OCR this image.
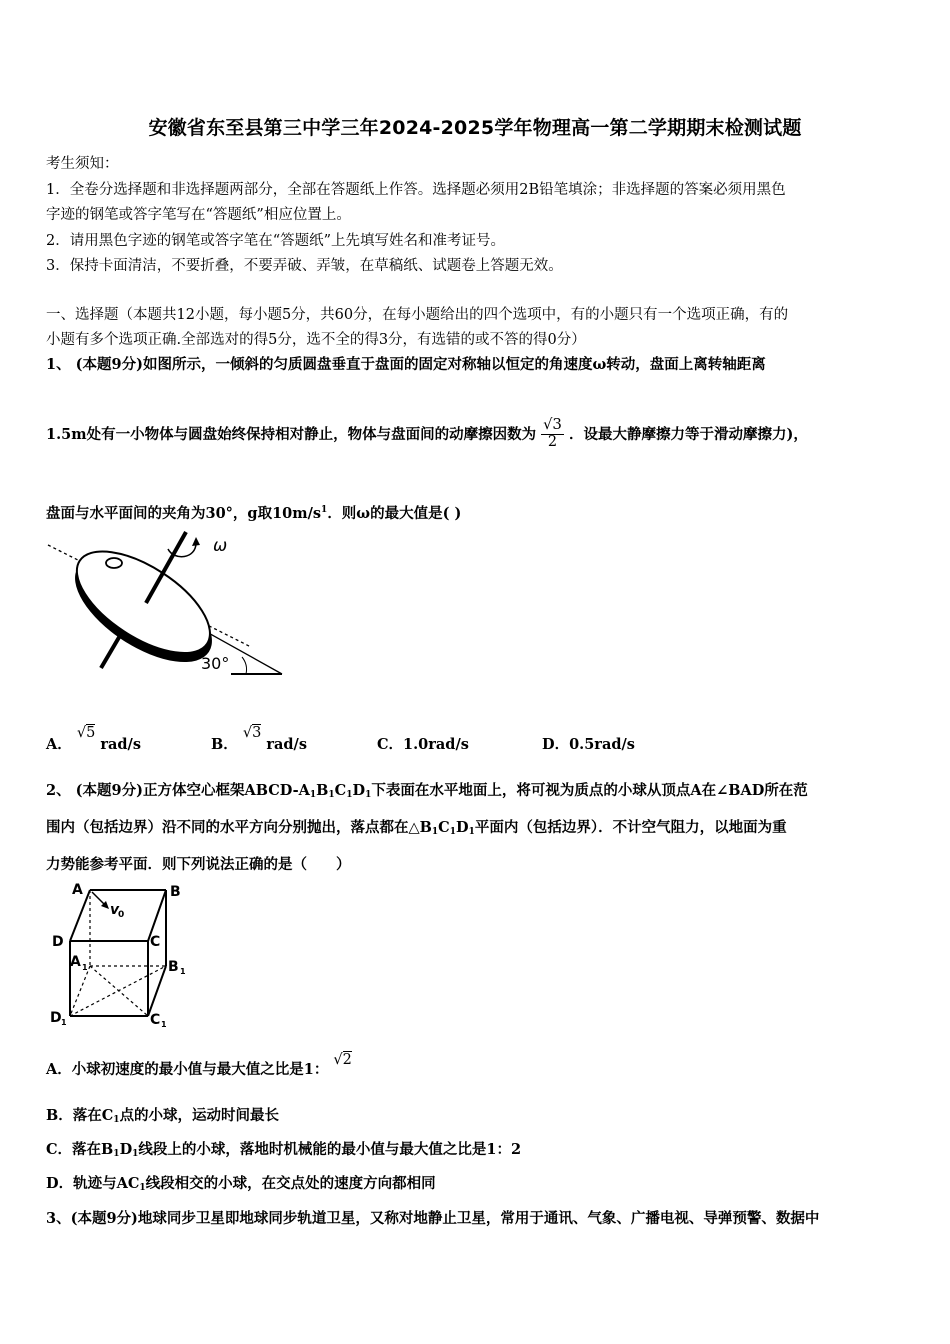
安徽省东至县第三中学三年2024-2025学年物理高一第二学期期末检测试题
考生须知：
1．全卷分选择题和非选择题两部分，全部在答题纸上作答。选择题必须用2B铅笔填涂；非选择题的答案必须用黑色
字迹的钢笔或答字笔写在“答题纸”相应位置上。
2．请用黑色字迹的钢笔或答字笔在“答题纸”上先填写姓名和准考证号。
3．保持卡面清洁，不要折叠，不要弄破、弄皱，在草稿纸、试题卷上答题无效。
一、选择题（本题共12小题，每小题5分，共60分，在每小题给出的四个选项中，有的小题只有一个选项正确，有的
小题有多个选项正确.全部选对的得5分，选不全的得3分，有选错的或不答的得0分）
1、 (本题9分)如图所示，一倾斜的匀质圆盘垂直于盘面的固定对称轴以恒定的角速度ω转动，盘面上离转轴距离
1.5m处有一小物体与圆盘始终保持相对静止，物体与盘面间的动摩擦因数为 $\frac{√3}{2}$ ．设最大静摩擦力等于滑动摩擦力)，
盘面与水平面间的夹角为30°，g取$10m/s^1$．则ω的最大值是( )
30°
ω
A． √5 rad/s	B． √3 rad/s	C．1.0rad/s	D．0.5rad/s
2、 (本题9分)正方体空心框架ABCD-$A_1B_1C_1D_1$下表面在水平地面上，将可视为质点的小球从顶点A在∠BAD所在范
围内（包括边界）沿不同的水平方向分别抛出，落点都在$\triangle B_1C_1D_1$平面内（包括边界）．不计空气阻力，以地面为重
力势能参考平面．则下列说法正确的是（　　）
A	B
C
D
A 1	B 1
C 1
D 1
v
0
A．小球初速度的最小值与最大值之比是1： √2
B．落在$C_1$点的小球，运动时间最长
C．落在$B_1D_1$线段上的小球，落地时机械能的最小值与最大值之比是1：2
D．轨迹与$AC_1$线段相交的小球，在交点处的速度方向都相同
3、(本题9分)地球同步卫星即地球同步轨道卫星，又称对地静止卫星，常用于通讯、气象、广播电视、导弹预警、数据中
